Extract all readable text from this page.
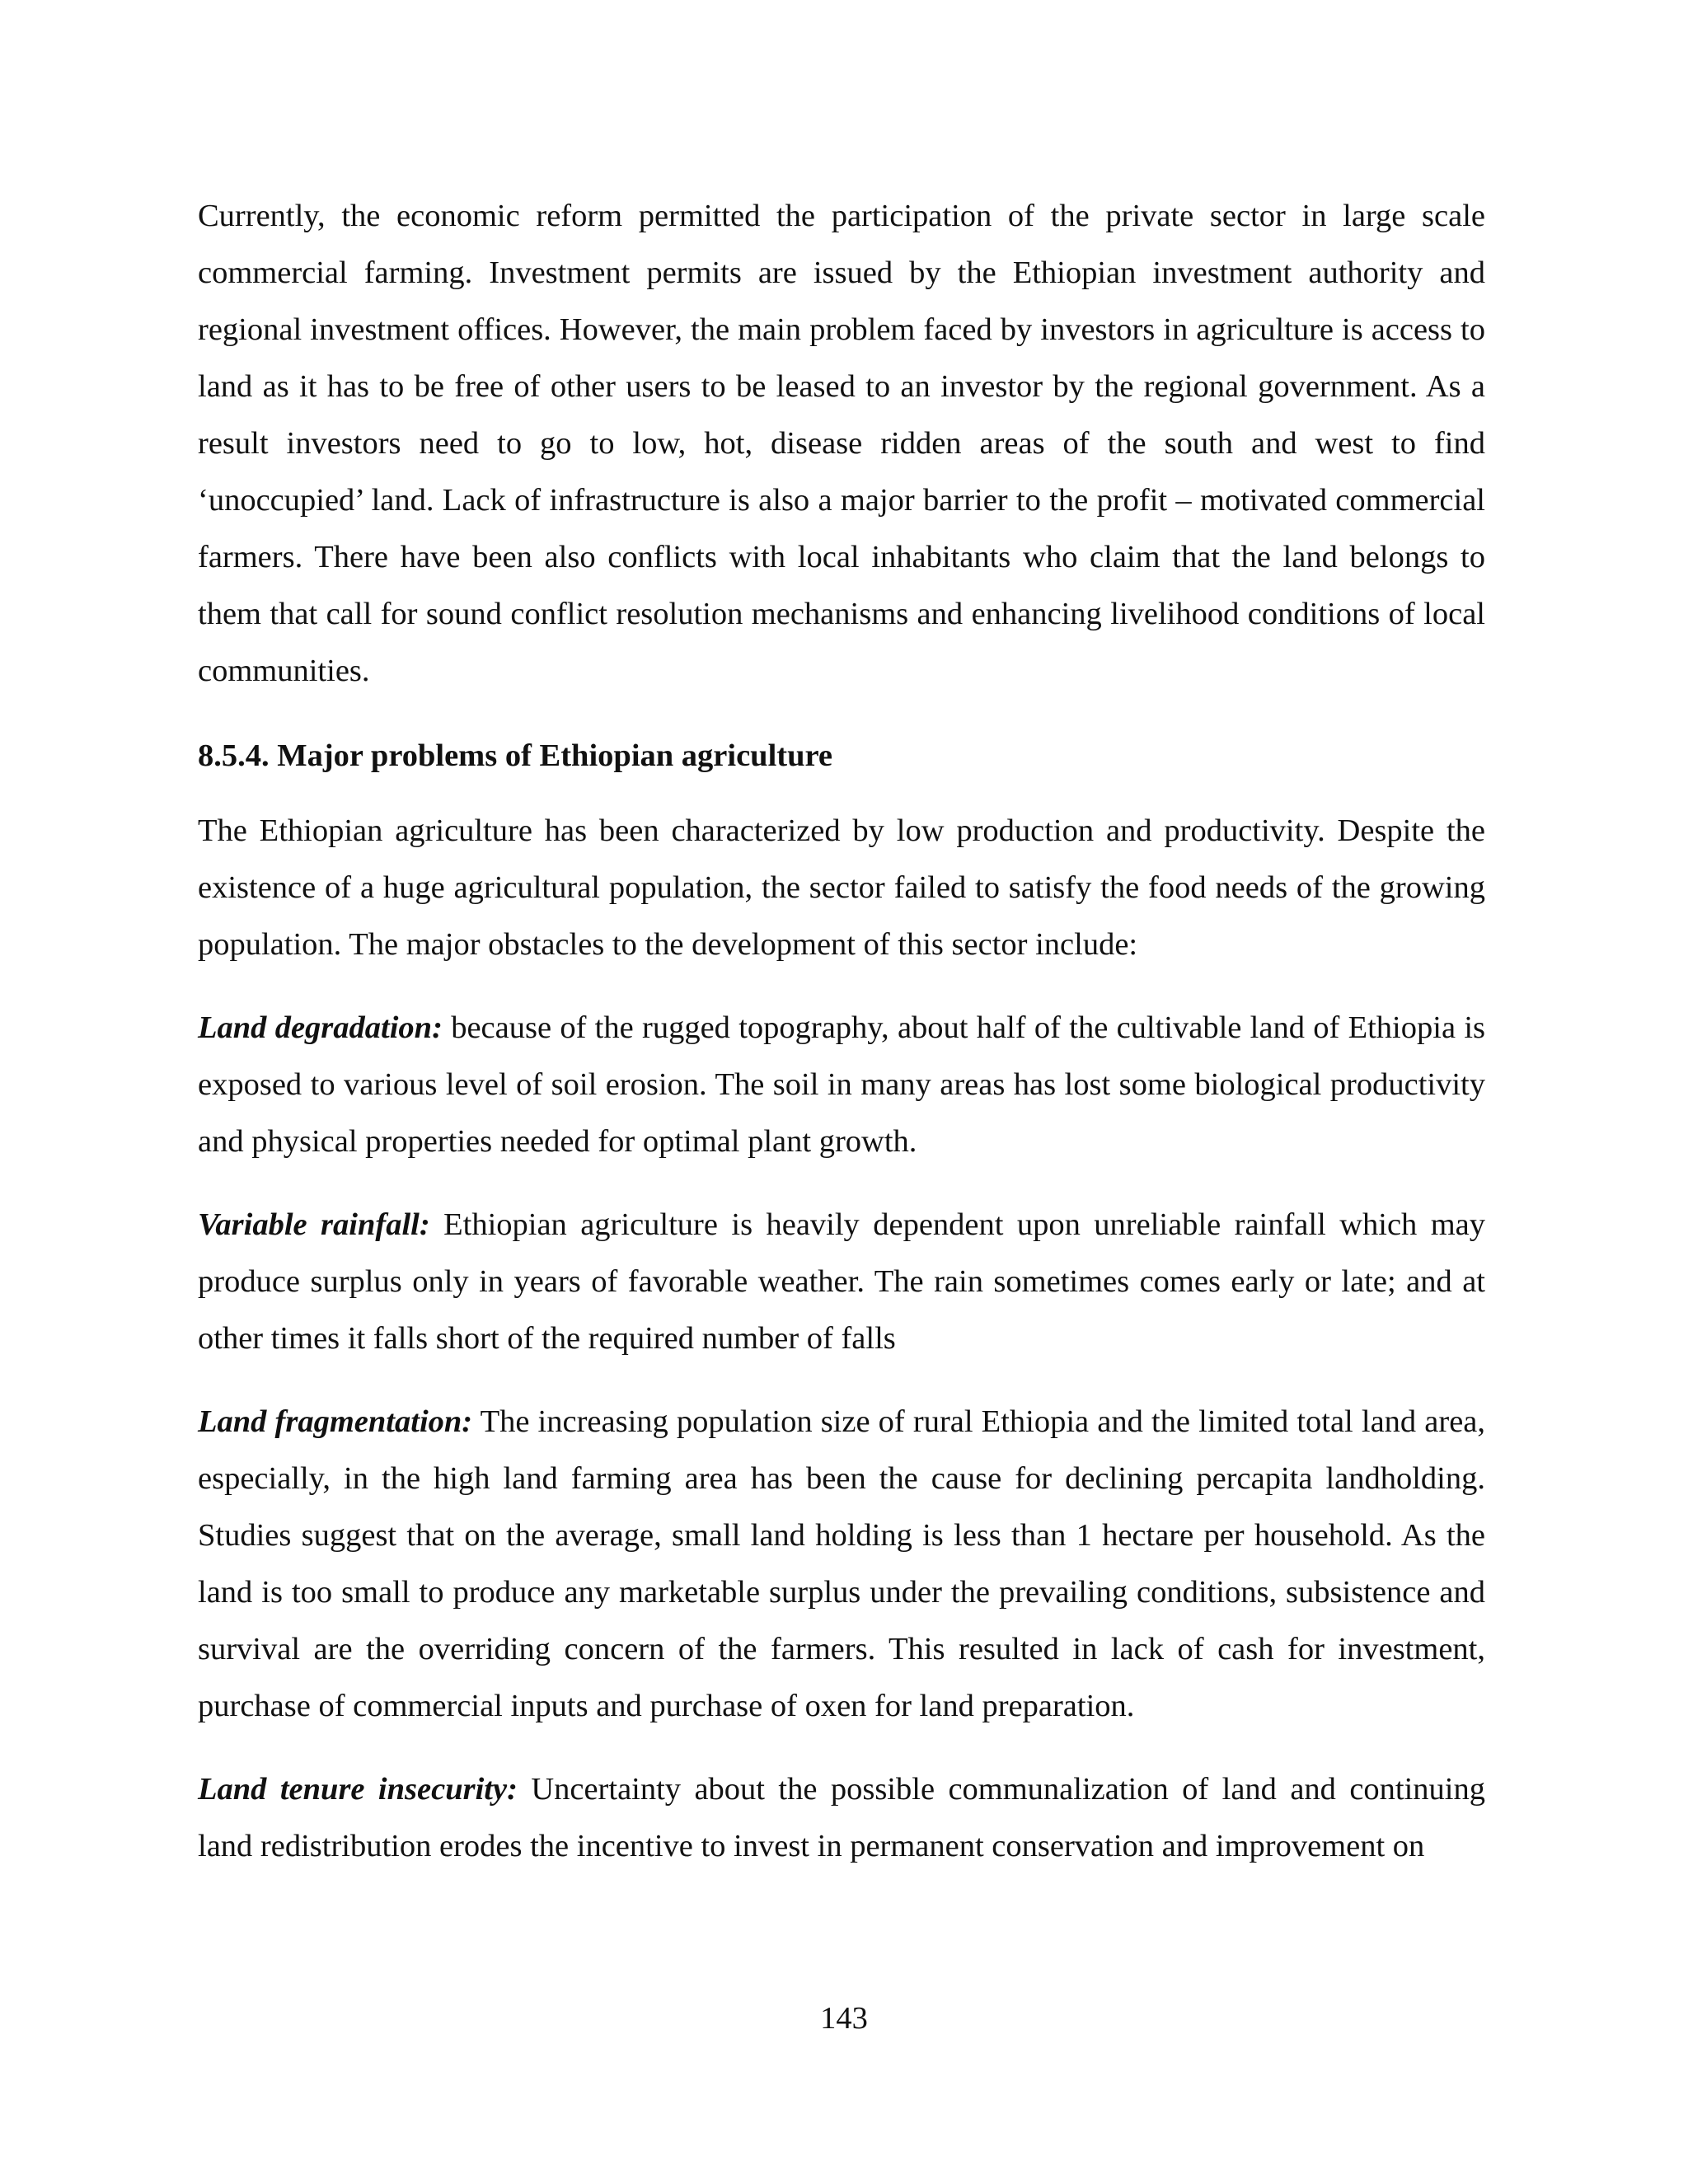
Currently, the economic reform permitted the participation of the private sector in large scale commercial farming. Investment permits are issued by the Ethiopian investment authority and regional investment offices. However, the main problem faced by investors in agriculture is access to land as it has to be free of other users to be leased to an investor by the regional government. As a result investors need to go to low, hot, disease ridden areas of the south and west to find ‘unoccupied’ land. Lack of infrastructure is also a major barrier to the profit – motivated commercial farmers. There have been also conflicts with local inhabitants who claim that the land belongs to them that call for sound conflict resolution mechanisms and enhancing livelihood conditions of local communities.

8.5.4. Major problems of Ethiopian agriculture

The Ethiopian agriculture has been characterized by low production and productivity. Despite the existence of a huge agricultural population, the sector failed to satisfy the food needs of the growing population. The major obstacles to the development of this sector include:

Land degradation: because of the rugged topography, about half of the cultivable land of Ethiopia is exposed to various level of soil erosion. The soil in many areas has lost some biological productivity and physical properties needed for optimal plant growth.

Variable rainfall: Ethiopian agriculture is heavily dependent upon unreliable rainfall which may produce surplus only in years of favorable weather. The rain sometimes comes early or late; and at other times it falls short of the required number of falls

Land fragmentation: The increasing population size of rural Ethiopia and the limited total land area, especially, in the high land farming area has been the cause for declining percapita landholding. Studies suggest that on the average, small land holding is less than 1 hectare per household. As the land is too small to produce any marketable surplus under the prevailing conditions, subsistence and survival are the overriding concern of the farmers. This resulted in lack of cash for investment, purchase of commercial inputs and purchase of oxen for land preparation.

Land tenure insecurity: Uncertainty about the possible communalization of land and continuing land redistribution erodes the incentive to invest in permanent conservation and improvement on

143
